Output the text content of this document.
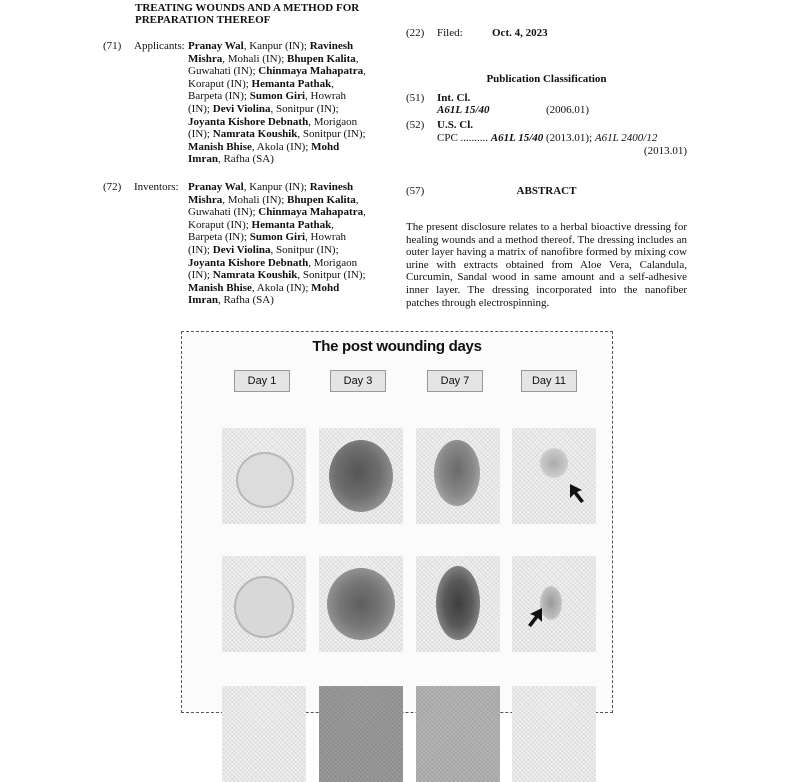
TREATING WOUNDS AND A METHOD FOR
PREPARATION THEREOF
(71) Applicants: Pranay Wal, Kanpur (IN); Ravinesh
Mishra, Mohali (IN); Bhupen Kalita,
Guwahati (IN); Chinmaya Mahapatra,
Koraput (IN); Hemanta Pathak,
Barpeta (IN); Sumon Giri, Howrah
(IN); Devi Violina, Sonitpur (IN);
Joyanta Kishore Debnath, Morigaon
(IN); Namrata Koushik, Sonitpur (IN);
Manish Bhise, Akola (IN); Mohd
Imran, Rafha (SA)
(72) Inventors: Pranay Wal, Kanpur (IN); Ravinesh
Mishra, Mohali (IN); Bhupen Kalita,
Guwahati (IN); Chinmaya Mahapatra,
Koraput (IN); Hemanta Pathak,
Barpeta (IN); Sumon Giri, Howrah
(IN); Devi Violina, Sonitpur (IN);
Joyanta Kishore Debnath, Morigaon
(IN); Namrata Koushik, Sonitpur (IN);
Manish Bhise, Akola (IN); Mohd
Imran, Rafha (SA)
(22) Filed:	Oct. 4, 2023
Publication Classification
(51) Int. Cl.
A61L 15/40	(2006.01)
(52) U.S. Cl.
CPC .......... A61L 15/40 (2013.01); A61L 2400/12
(2013.01)
(57)	ABSTRACT
The present disclosure relates to a herbal bioactive dressing for healing wounds and a method thereof. The dressing includes an outer layer having a matrix of nanofibre formed by mixing cow urine with extracts obtained from Aloe Vera, Calandula, Curcumin, Sandal wood in same amount and a self-adhesive inner layer. The dressing incorporated into the nanofiber patches through electrospinning.
The post wounding days
Day 1	Day 3	Day 7	Day 11
